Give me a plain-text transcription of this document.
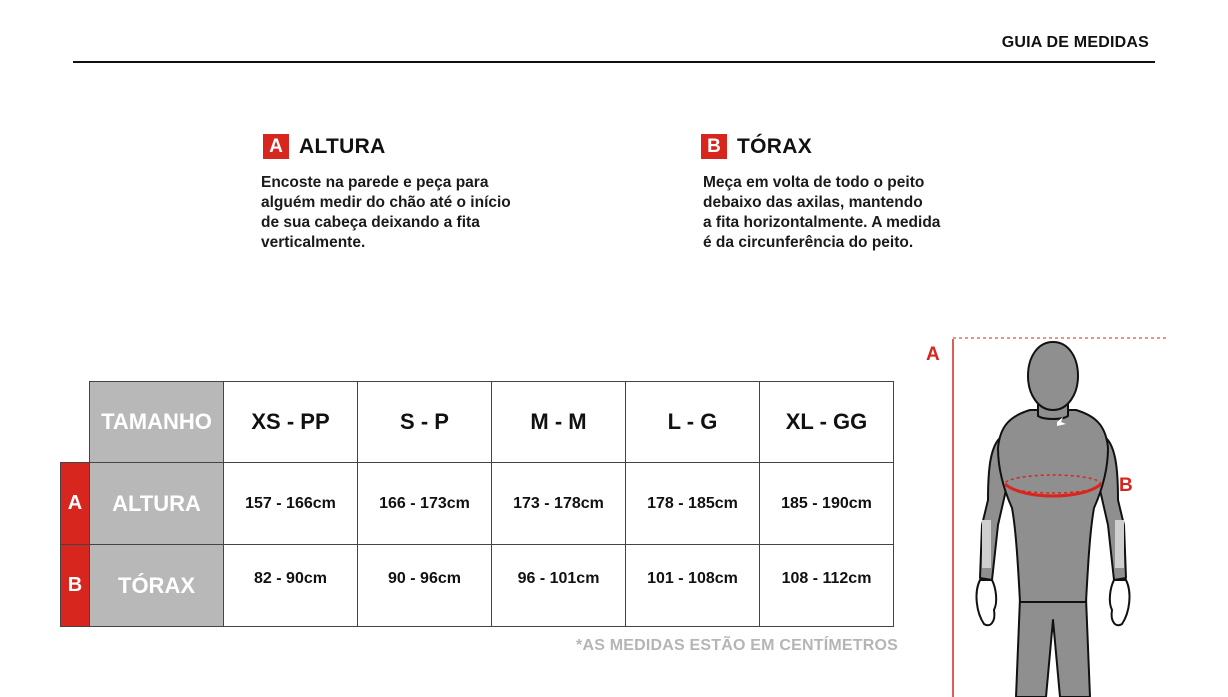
GUIA DE MEDIDAS
A ALTURA
Encoste na parede e peça para
alguém medir do chão até o início
de sua cabeça deixando a fita
verticalmente.
B TÓRAX
Meça em volta de todo o peito
debaixo das axilas, mantendo
a fita horizontalmente. A medida
é da circunferência do peito.
	TAMANHO	XS - PP	S - P	M - M	L - G	XL - GG
A	ALTURA	157 - 166cm	166 - 173cm	173 - 178cm	178 - 185cm	185 - 190cm
B	TÓRAX	82 - 90cm	90 - 96cm	96 - 101cm	101 - 108cm	108 - 112cm
*AS MEDIDAS ESTÃO EM CENTÍMETROS
A
B
